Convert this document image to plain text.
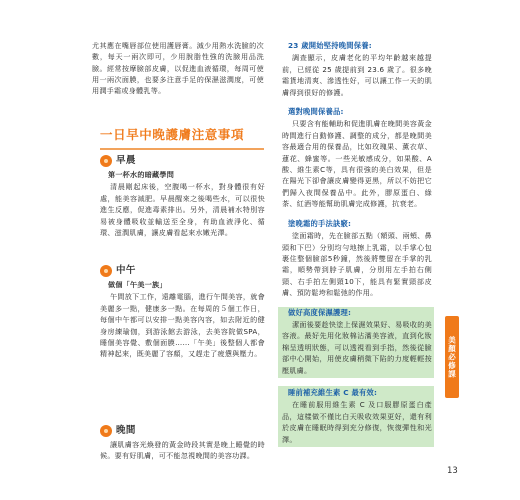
尤其應在嘴唇部位使用護唇膏。減少用熱水洗臉的次數，每天一兩次即可，少用脫脂性強的洗臉用品洗臉。經常按摩臉部皮膚，以促進血液循環，每周可使用一兩次面膜，也要多注意手足的保濕滋潤度，可使用潤手霜或身體乳等。

一日早中晚護膚注意事項
早晨
第一杯水的暗藏學問

清晨剛起床後，空腹喝一杯水，對身體很有好處，能美容減肥。早晨醒來之後喝些水，可以很快進生反應，促進毒素排出。另外，清晨補水特別容易被身體吸收並輸送至全身，有助血液淨化、循環、滋潤肌膚，讓皮膚看起來水嫩光澤。

中午
做個「午美一族」

午間放下工作，遠離電腦，進行午間美容，就會美麗多一點，健康多一點。在每周的５個工作日，每個中午都可以安排一點美容內容，如去附近的健身房練瑜伽，到游泳館去游泳，去美容院做SPA，睡個美容覺、敷個面膜……「午美」後整個人都會精神起來，既美麗了容顏，又趕走了疲憊與壓力。

晚間

讓肌膚容光煥發的黃金時段其實是晚上睡覺的時候。要有好肌膚，可不能忽視晚間的美容功課。

23 歲開始堅持晚間保養:

調查顯示，皮膚老化的平均年齡越來越提前，已經從 25 歲提前到 23.6 歲了。很多晚霜貨地清爽、滲透性好，可以讓工作一天的肌膚得到很好的修護。

選對晚間保養品:

只要含有能輔助和促進肌膚在晚間美容黃金時間進行自動修護、調整的成分，都是晚間美容最適合用的保養品，比如玫瑰果、薰衣草、蓮花、蜂蜜等。一些光敏感成分，如果酸、A酸、維生素C等，具有很強的美白效果，但是在陽光下卻會讓皮膚變得更黑，所以不妨把它們歸入夜間保養品中。此外，膠原蛋白、綠茶、紅酒等能幫助肌膚完成修護，抗衰老。

塗晚霜的手法訣竅:

塗面霜時，先在臉部五點（額頭、兩頰、鼻頭和下巴）分別均勻地擦上乳霜，以手掌心包裹住整個臉部5秒鐘，然後將雙留在手掌的乳霜，順勢帶到脖子肌膚，分別用左手拍右側頸、右手拍左側頸10下，能具有緊實頸部皮膚、預防鬆垮和鬆弛的作用。

做好高度保濕護理:

潔面後要趁快塗上保濕效果好、易吸收的美容液。最好先用化妝棉沾滿美容液，直到化妝棉呈透明狀態，可以透視看到手指，然後從臉部中心開始，用使皮膚稍微下陷的力度輕輕按壓肌膚。

睡前補充維生素 C 最有效:

在睡前服用維生素 C 及口服膠原蛋白產品，這樣做不僅比白天吸收效果更好，還有利於皮膚在睡眠時得到充分修復，恢復彈性和光澤。

美顏必修課
13
